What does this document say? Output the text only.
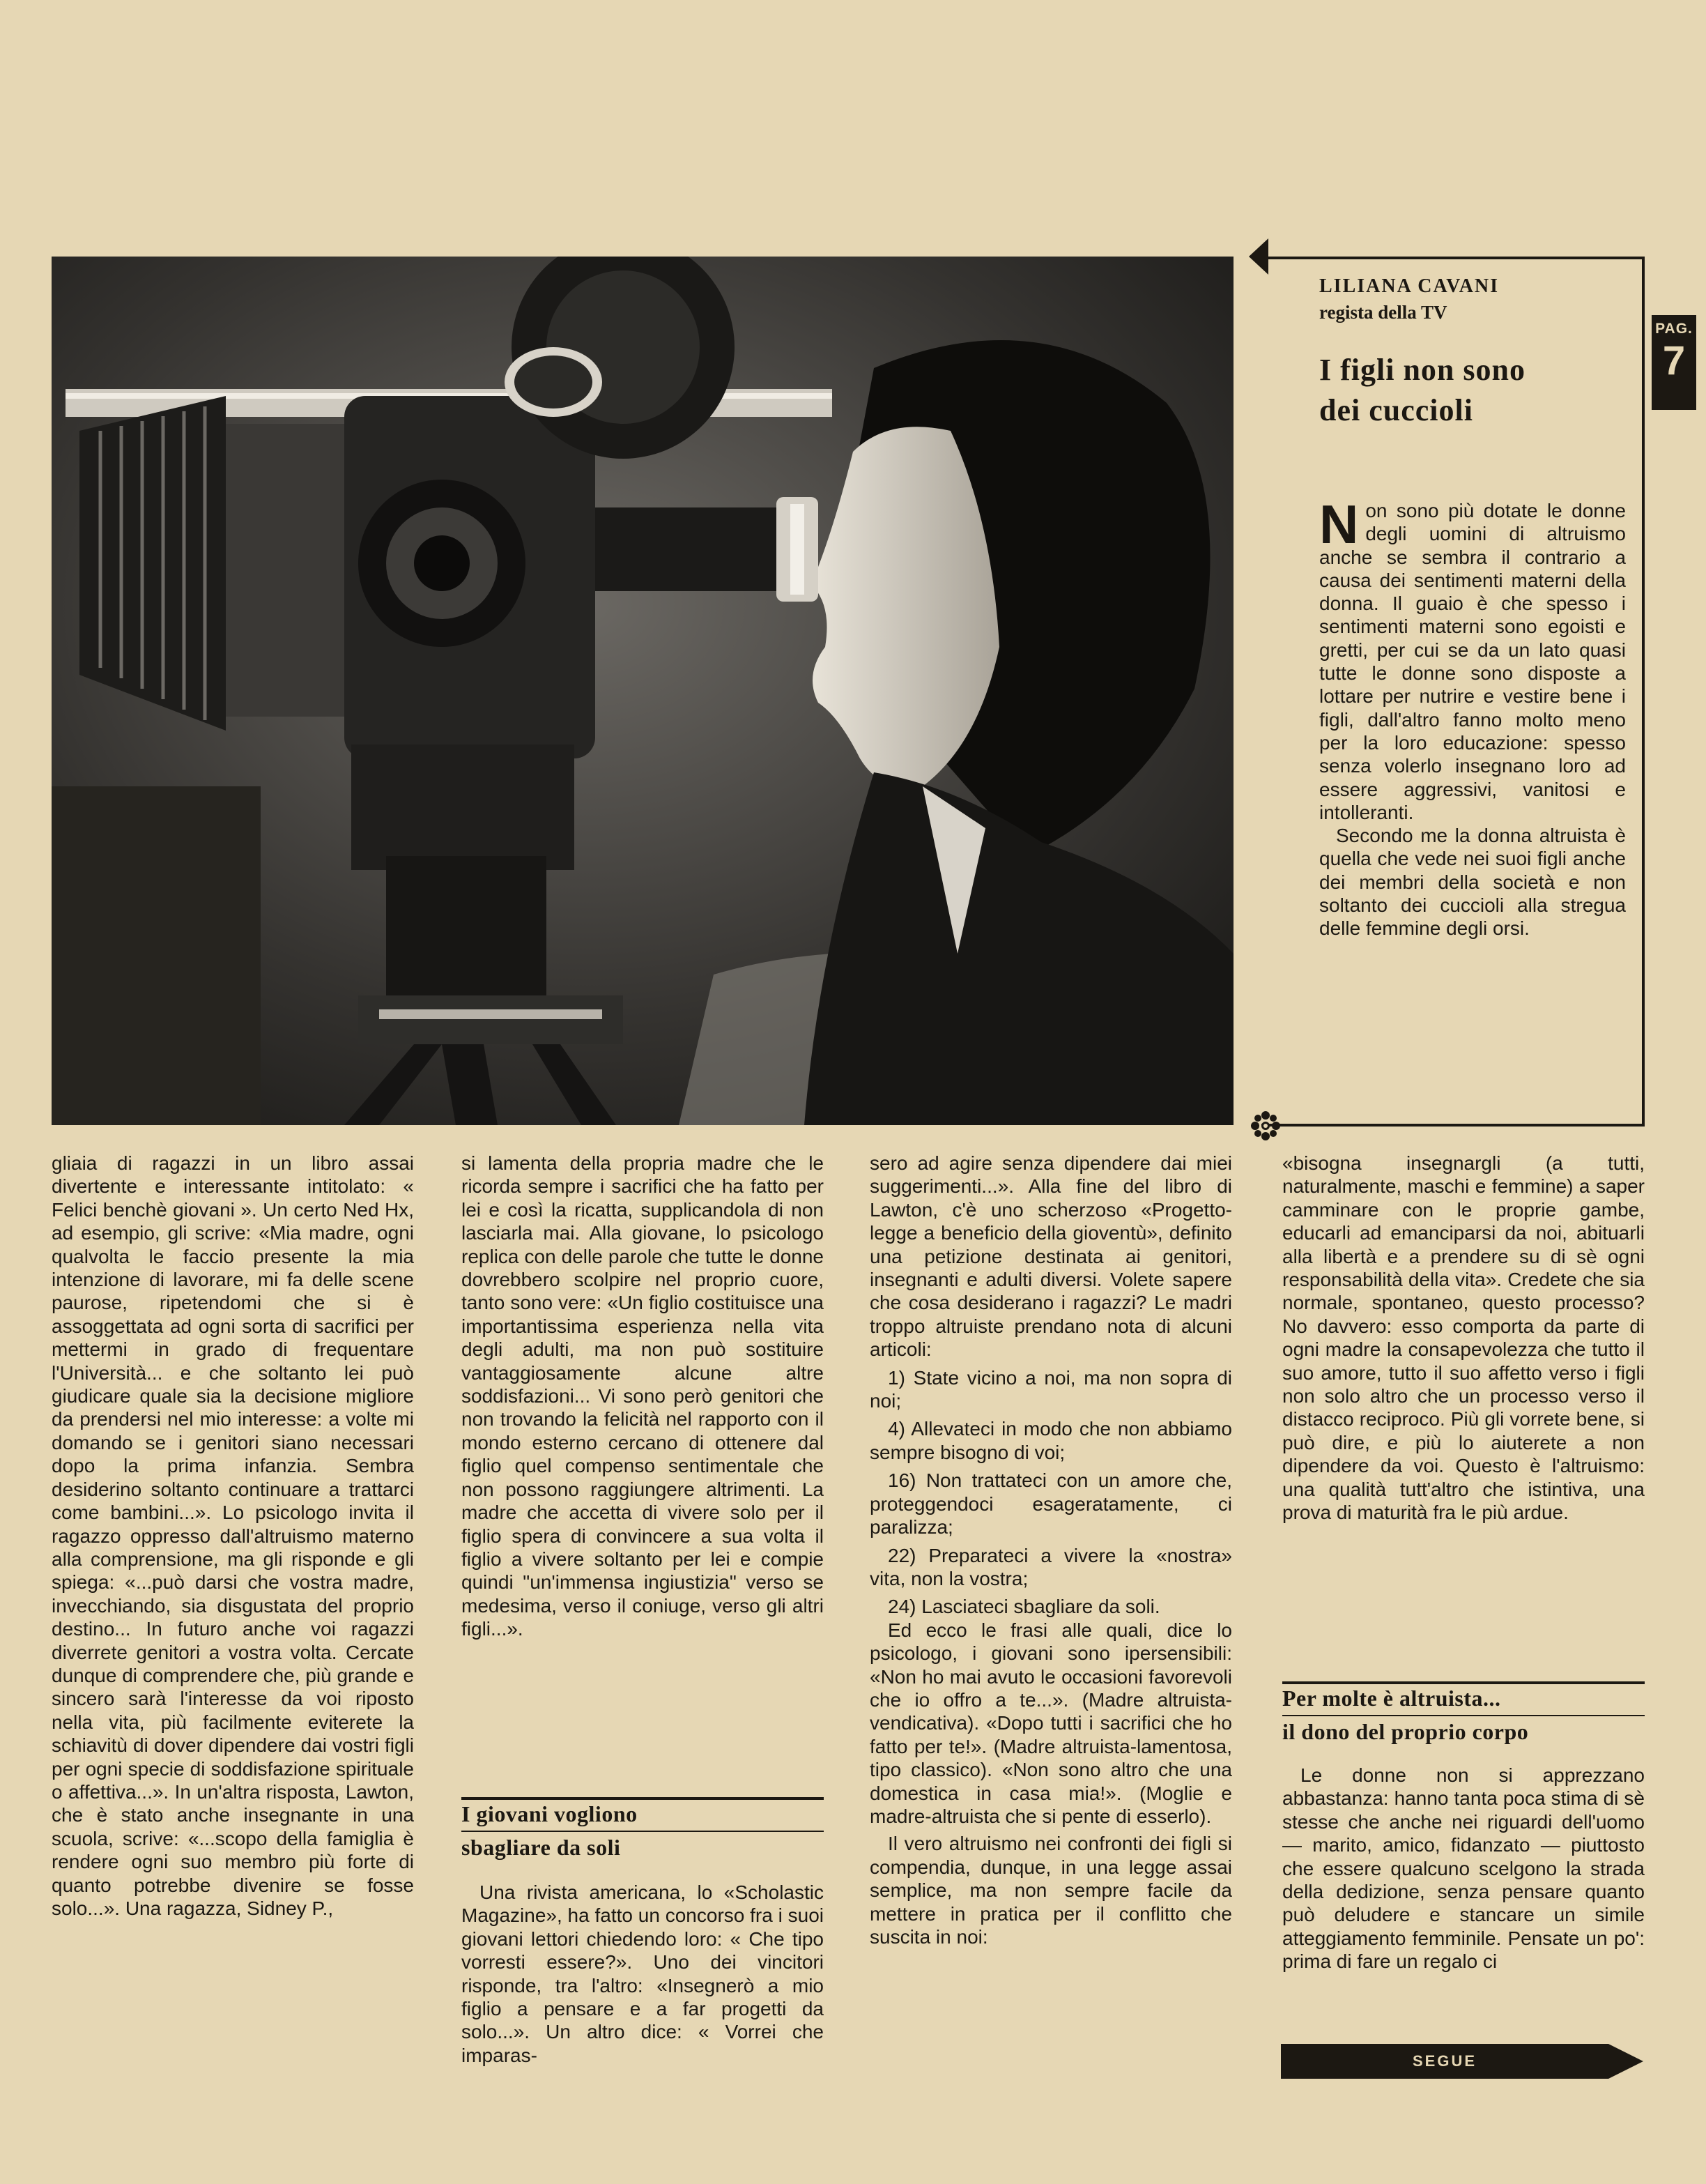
LILIANA CAVANI
regista della TV
I figli non sono
dei cuccioli

Non sono più dotate le donne degli uomini di altruismo anche se sembra il contrario a causa dei sentimenti materni della donna. Il guaio è che spesso i sentimenti materni sono egoisti e gretti, per cui se da un lato quasi tutte le donne sono disposte a lottare per nutrire e vestire bene i figli, dall'altro fanno molto meno per la loro educazione: spesso senza volerlo insegnano loro ad essere aggressivi, vanitosi e intolleranti.

Secondo me la donna altruista è quella che vede nei suoi figli anche dei membri della società e non soltanto dei cuccioli alla stregua delle femmine degli orsi.

PAG.
7

gliaia di ragazzi in un libro assai divertente e interessante intitolato: « Felici benchè giovani ». Un certo Ned Hx, ad esempio, gli scrive: «Mia madre, ogni qualvolta le faccio presente la mia intenzione di lavorare, mi fa delle scene paurose, ripetendomi che si è assoggettata ad ogni sorta di sacrifici per mettermi in grado di frequentare l'Università... e che soltanto lei può giudicare quale sia la decisione migliore da prendersi nel mio interesse: a volte mi domando se i genitori siano necessari dopo la prima infanzia. Sembra desiderino soltanto continuare a trattarci come bambini...». Lo psicologo invita il ragazzo oppresso dall'altruismo materno alla comprensione, ma gli risponde e gli spiega: «...può darsi che vostra madre, invecchiando, sia disgustata del proprio destino... In futuro anche voi ragazzi diverrete genitori a vostra volta. Cercate dunque di comprendere che, più grande e sincero sarà l'interesse da voi riposto nella vita, più facilmente eviterete la schiavitù di dover dipendere dai vostri figli per ogni specie di soddisfazione spirituale o affettiva...». In un'altra risposta, Lawton, che è stato anche insegnante in una scuola, scrive: «...scopo della famiglia è rendere ogni suo membro più forte di quanto potrebbe divenire se fosse solo...». Una ragazza, Sidney P.,

si lamenta della propria madre che le ricorda sempre i sacrifici che ha fatto per lei e così la ricatta, supplicandola di non lasciarla mai. Alla giovane, lo psicologo replica con delle parole che tutte le donne dovrebbero scolpire nel proprio cuore, tanto sono vere: «Un figlio costituisce una importantissima esperienza nella vita degli adulti, ma non può sostituire vantaggiosamente alcune altre soddisfazioni... Vi sono però genitori che non trovando la felicità nel rapporto con il mondo esterno cercano di ottenere dal figlio quel compenso sentimentale che non possono raggiungere altrimenti. La madre che accetta di vivere solo per il figlio spera di convincere a sua volta il figlio a vivere soltanto per lei e compie quindi "un'immensa ingiustizia" verso se medesima, verso il coniuge, verso gli altri figli...».

I giovani vogliono
sbagliare da soli

Una rivista americana, lo «Scholastic Magazine», ha fatto un concorso fra i suoi giovani lettori chiedendo loro: « Che tipo vorresti essere?». Uno dei vincitori risponde, tra l'altro: «Insegnerò a mio figlio a pensare e a far progetti da solo...». Un altro dice: « Vorrei che imparas-

sero ad agire senza dipendere dai miei suggerimenti...». Alla fine del libro di Lawton, c'è uno scherzoso «Progetto-legge a beneficio della gioventù», definito una petizione destinata ai genitori, insegnanti e adulti diversi. Volete sapere che cosa desiderano i ragazzi? Le madri troppo altruiste prendano nota di alcuni articoli:

1) State vicino a noi, ma non sopra di noi;

4) Allevateci in modo che non abbiamo sempre bisogno di voi;

16) Non trattateci con un amore che, proteggendoci esageratamente, ci paralizza;

22) Preparateci a vivere la «nostra» vita, non la vostra;

24) Lasciateci sbagliare da soli.

Ed ecco le frasi alle quali, dice lo psicologo, i giovani sono ipersensibili: «Non ho mai avuto le occasioni favorevoli che io offro a te...». (Madre altruista-vendicativa). «Dopo tutti i sacrifici che ho fatto per te!». (Madre altruista-lamentosa, tipo classico). «Non sono altro che una domestica in casa mia!». (Moglie e madre-altruista che si pente di esserlo).

Il vero altruismo nei confronti dei figli si compendia, dunque, in una legge assai semplice, ma non sempre facile da mettere in pratica per il conflitto che suscita in noi:

«bisogna insegnargli (a tutti, naturalmente, maschi e femmine) a saper camminare con le proprie gambe, educarli ad emanciparsi da noi, abituarli alla libertà e a prendere su di sè ogni responsabilità della vita». Credete che sia normale, spontaneo, questo processo? No davvero: esso comporta da parte di ogni madre la consapevolezza che tutto il suo amore, tutto il suo affetto verso i figli non solo altro che un processo verso il distacco reciproco. Più gli vorrete bene, si può dire, e più lo aiuterete a non dipendere da voi. Questo è l'altruismo: una qualità tutt'altro che istintiva, una prova di maturità fra le più ardue.

Per molte è altruista...
il dono del proprio corpo

Le donne non si apprezzano abbastanza: hanno tanta poca stima di sè stesse che anche nei riguardi dell'uomo — marito, amico, fidanzato — piuttosto che essere qualcuno scelgono la strada della dedizione, senza pensare quanto può deludere e stancare un simile atteggiamento femminile. Pensate un po': prima di fare un regalo ci

SEGUE
